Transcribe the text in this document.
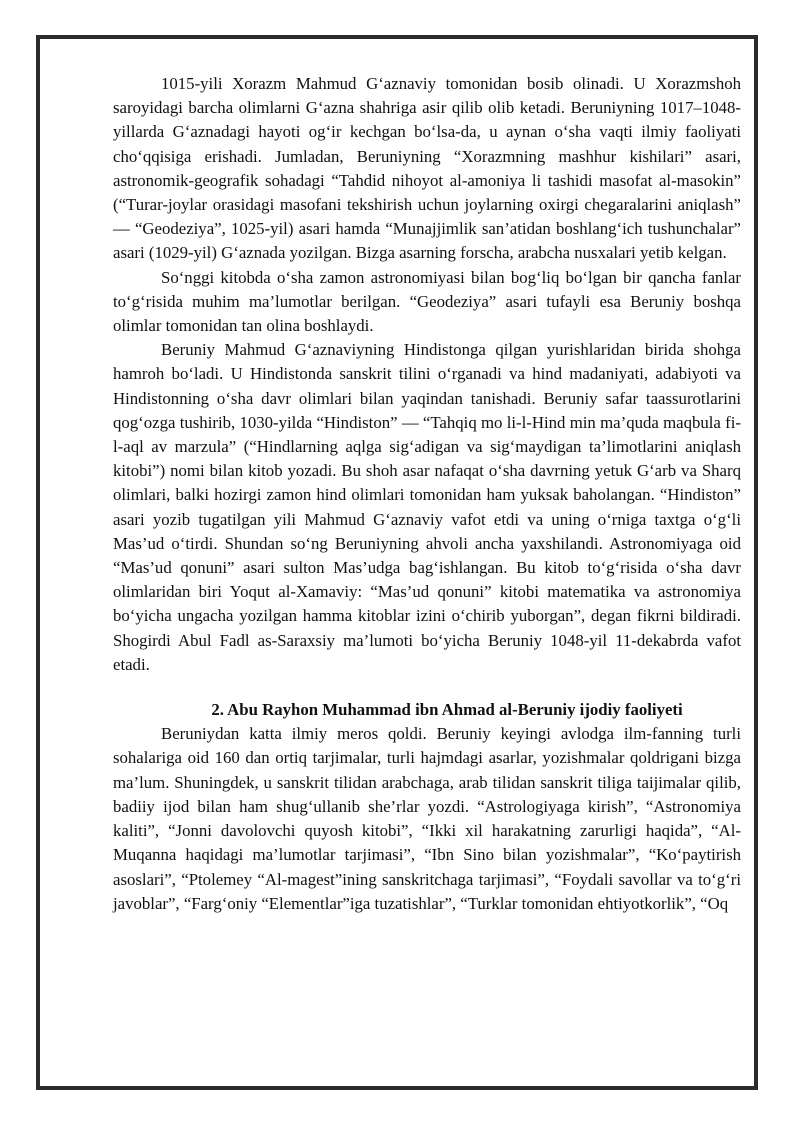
1015-yili Xorazm Mahmud G‘aznaviy tomonidan bosib olinadi. U Xorazmshoh saroyidagi barcha olimlarni G‘azna shahriga asir qilib olib ketadi. Beruniyning 1017–1048-yillarda G‘aznadagi hayoti og‘ir kechgan bo‘lsa-da, u aynan o‘sha vaqti ilmiy faoliyati cho‘qqisiga erishadi. Jumladan, Beruniyning “Xorazmning mashhur kishilari” asari, astronomik-geografik sohadagi “Tahdid nihoyot al-amoniya li tashidi masofat al-masokin” (“Turar-joylar orasidagi masofani tekshirish uchun joylarning oxirgi chegaralarini aniqlash” — “Geodeziya”, 1025-yil) asari hamda “Munajjimlik san’atidan boshlang‘ich tushunchalar” asari (1029-yil) G‘aznada yozilgan. Bizga asarning forscha, arabcha nusxalari yetib kelgan.

So‘nggi kitobda o‘sha zamon astronomiyasi bilan bog‘liq bo‘lgan bir qancha fanlar to‘g‘risida muhim ma’lumotlar berilgan. “Geodeziya” asari tufayli esa Beruniy boshqa olimlar tomonidan tan olina boshlaydi.

Beruniy Mahmud G‘aznaviyning Hindistonga qilgan yurishlaridan birida shohga hamroh bo‘ladi. U Hindistonda sanskrit tilini o‘rganadi va hind madaniyati, adabiyoti va Hindistonning o‘sha davr olimlari bilan yaqindan tanishadi. Beruniy safar taassurotlarini qog‘ozga tushirib, 1030-yilda “Hindiston” — “Tahqiq mo li-l-Hind min ma’quda maqbula fi-l-aql av marzula” (“Hindlarning aqlga sig‘adigan va sig‘maydigan ta’limotlarini aniqlash kitobi”) nomi bilan kitob yozadi. Bu shoh asar nafaqat o‘sha davrning yetuk G‘arb va Sharq olimlari, balki hozirgi zamon hind olimlari tomonidan ham yuksak baholangan. “Hindiston” asari yozib tugatilgan yili Mahmud G‘aznaviy vafot etdi va uning o‘rniga taxtga o‘g‘li Mas’ud o‘tirdi. Shundan so‘ng Beruniyning ahvoli ancha yaxshilandi. Astronomiyaga oid “Mas’ud qonuni” asari sulton Mas’udga bag‘ishlangan. Bu kitob to‘g‘risida o‘sha davr olimlaridan biri Yoqut al-Xamaviy: “Mas’ud qonuni” kitobi matematika va astronomiya bo‘yicha ungacha yozilgan hamma kitoblar izini o‘chirib yuborgan”, degan fikrni bildiradi. Shogirdi Abul Fadl as-Saraxsiy ma’lumoti bo‘yicha Beruniy 1048-yil 11-dekabrda vafot etadi.

2. Abu Rayhon Muhammad ibn Ahmad al-Beruniy ijodiy faoliyeti

Beruniydan katta ilmiy meros qoldi. Beruniy keyingi avlodga ilm-fanning turli sohalariga oid 160 dan ortiq tarjimalar, turli hajmdagi asarlar, yozishmalar qoldrigani bizga ma’lum. Shuningdek, u sanskrit tilidan arabchaga, arab tilidan sanskrit tiliga taijimalar qilib, badiiy ijod bilan ham shug‘ullanib she’rlar yozdi. “Astrologiyaga kirish”, “Astronomiya kaliti”, “Jonni davolovchi quyosh kitobi”, “Ikki xil harakatning zarurligi haqida”, “Al-Muqanna haqidagi ma’lumotlar tarjimasi”, “Ibn Sino bilan yozishmalar”, “Ko‘paytirish asoslari”, “Ptolemey “Al-magest”ining sanskritchaga tarjimasi”, “Foydali savollar va to‘g‘ri javoblar”, “Farg‘oniy “Elementlar”iga tuzatishlar”, “Turklar tomonidan ehtiyotkorlik”, “Oq
